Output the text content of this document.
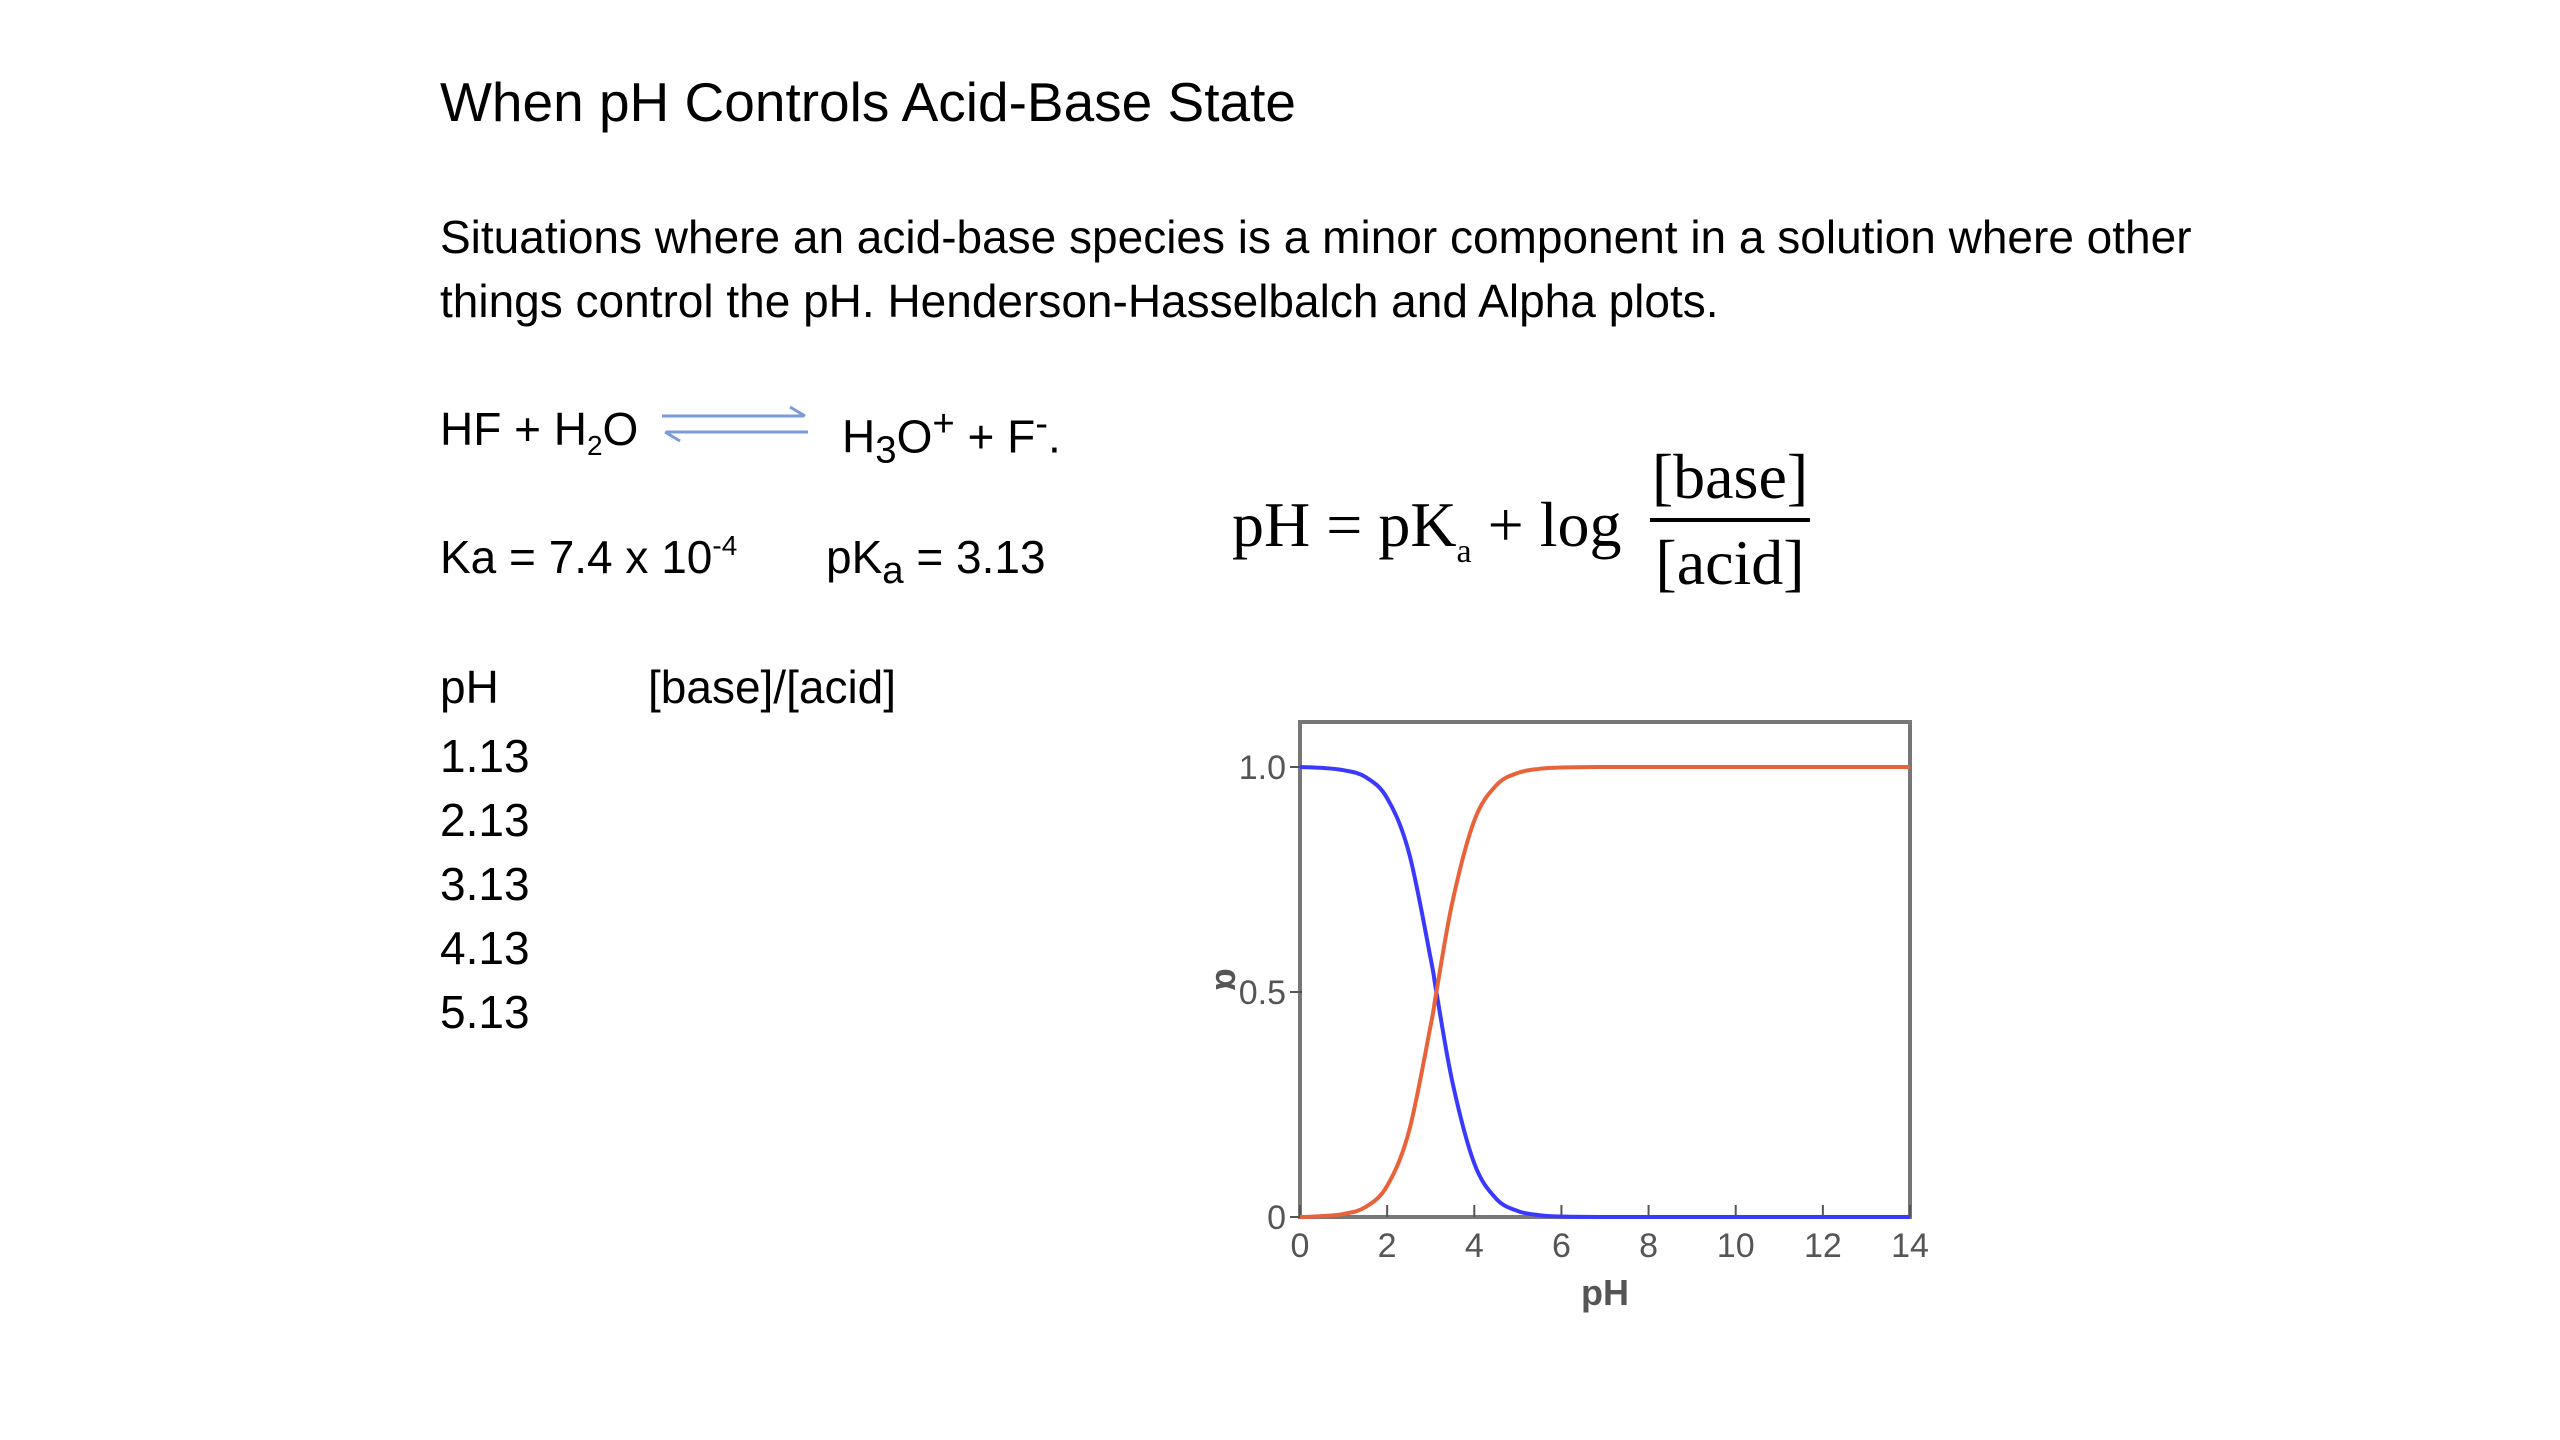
When pH Controls Acid-Base State
Situations where an acid-base species is a minor component in a solution where other things control the pH. Henderson-Hasselbalch and Alpha plots.
HF + $H_2O$	$H_3O^+ + F^-$.
Ka = 7.4 x $10^{-4}$ $pK_a = 3.13$	pH = $pK_a + \log$
[base]
[acid]
pH	[base]/[acid]
1.13
2.13
3.13
4.13
5.13
0 2 4 6 8 10 12 14
0
0.5
1.0
pH
α
